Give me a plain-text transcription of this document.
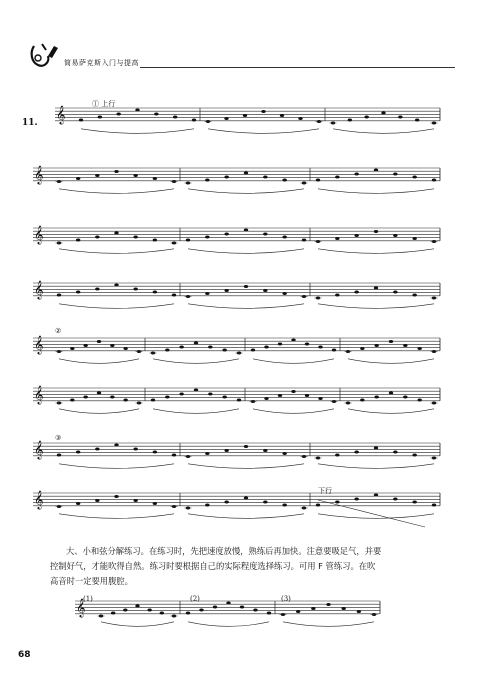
简易萨克斯入门与提高
11.
① 上行
②
③
下行
𝄞
𝄞
𝄞
𝄞
𝄞
𝄞
𝄞
𝄞
𝄞

大、小和弦分解练习。在练习时，先把速度放慢，熟练后再加快。注意要吸足气，并要

控制好气，才能吹得自然。练习时要根据自己的实际程度选择练习。可用 F 管练习。在吹

高音时一定要用腹腔。

(1)	(2)	(3)
68
